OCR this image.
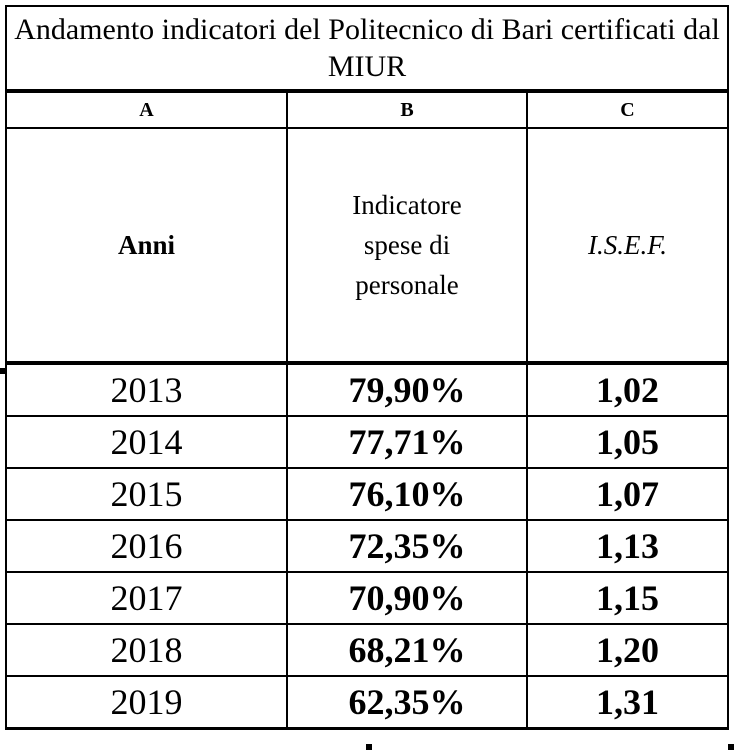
Andamento indicatori del Politecnico di Bari certificati dal MIUR		
A	B	C
Anni	Indicatore spese di personale	I.S.E.F.
2013	79,90%	1,02
2014	77,71%	1,05
2015	76,10%	1,07
2016	72,35%	1,13
2017	70,90%	1,15
2018	68,21%	1,20
2019	62,35%	1,31
